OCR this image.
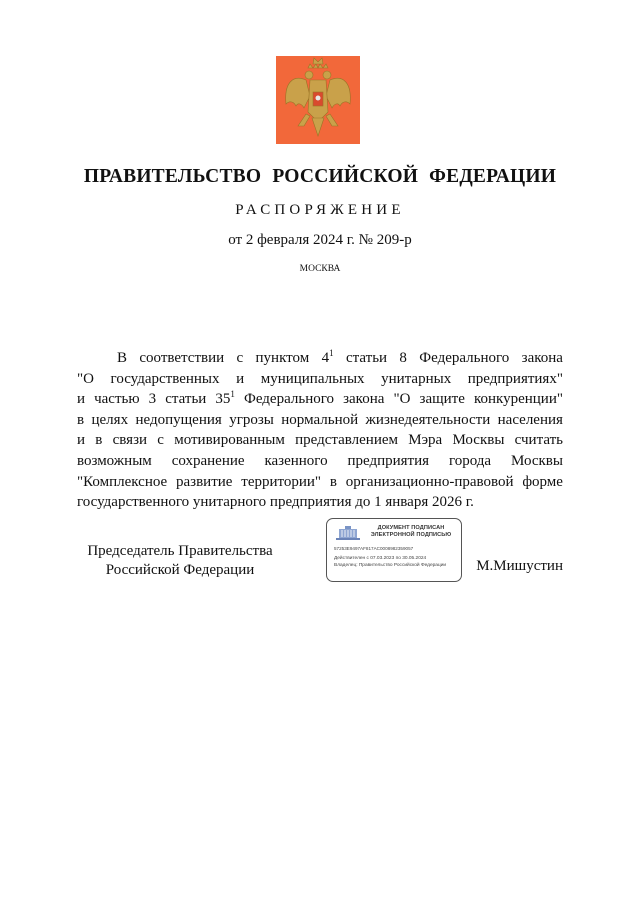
ПРАВИТЕЛЬСТВО РОССИЙСКОЙ ФЕДЕРАЦИИ
РАСПОРЯЖЕНИЕ
от 2 февраля 2024 г. № 209-р
МОСКВА
В соответствии с пунктом $4^1$ статьи 8 Федерального закона
"О государственных и муниципальных унитарных предприятиях"
и частью 3 статьи $35^1$ Федерального закона "О защите конкуренции"
в целях недопущения угрозы нормальной жизнедеятельности населения
и в связи с мотивированным представлением Мэра Москвы считать
возможным сохранение казенного предприятия города Москвы
"Комплексное развитие территории" в организационно-правовой форме
государственного унитарного предприятия до 1 января 2026 г.
Председатель Правительства
Российской Федерации
ДОКУМЕНТ ПОДПИСАН
ЭЛЕКТРОННОЙ ПОДПИСЬЮ
57253E9497AF817AC0008982359057
Действителен с 07.03.2023 по 30.05.2024
Владелец: Правительство Российской Федерации	М.Мишустин
